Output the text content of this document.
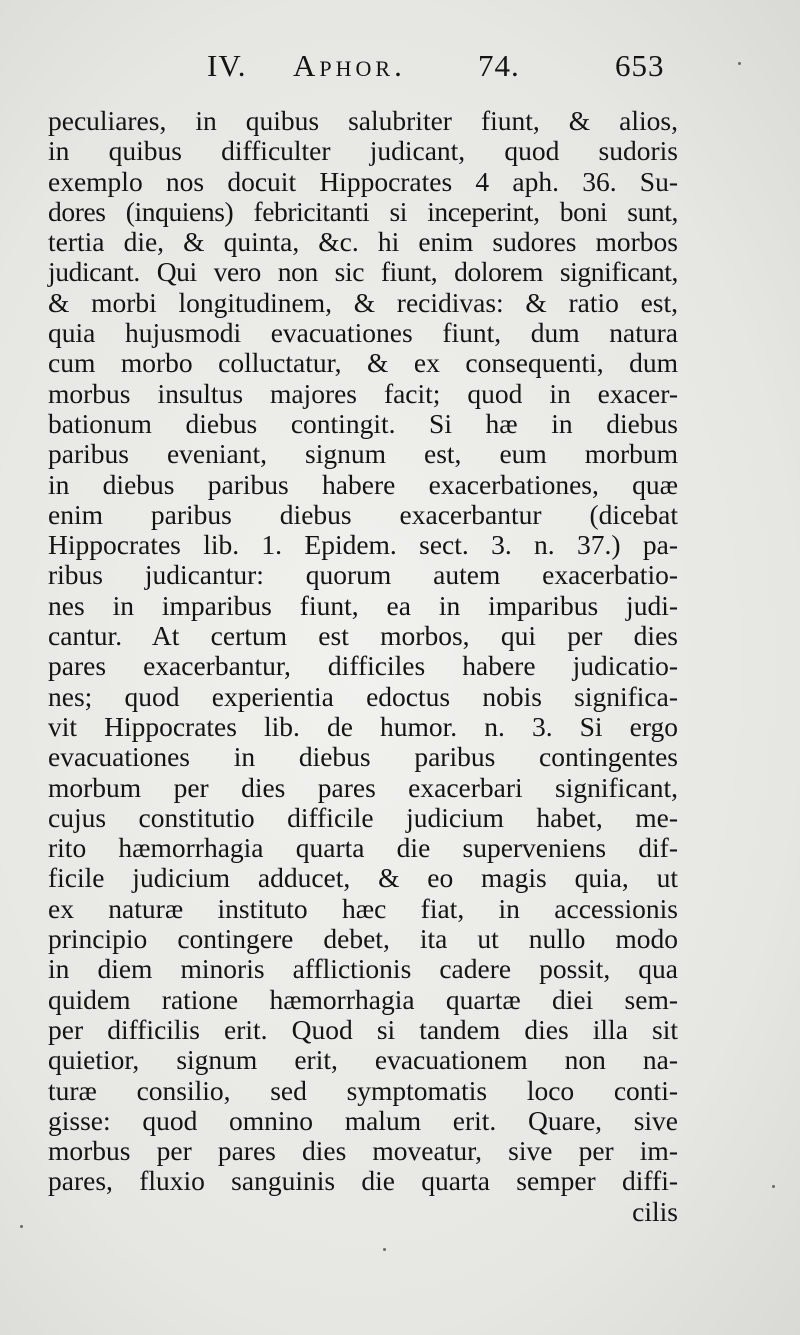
IV. Aphor. 74.	653
peculiares, in quibus salubriter fiunt, & alios,
in quibus difficulter judicant, quod sudoris
exemplo nos docuit Hippocrates 4 aph. 36. Su-
dores (inquiens) febricitanti si inceperint, boni sunt,
tertia die, & quinta, &c. hi enim sudores morbos
judicant. Qui vero non sic fiunt, dolorem significant,
& morbi longitudinem, & recidivas: & ratio est,
quia hujusmodi evacuationes fiunt, dum natura
cum morbo colluctatur, & ex consequenti, dum
morbus insultus majores facit; quod in exacer-
bationum diebus contingit. Si hæ in diebus
paribus eveniant, signum est, eum morbum
in diebus paribus habere exacerbationes, quæ
enim paribus diebus exacerbantur (dicebat
Hippocrates lib. 1. Epidem. sect. 3. n. 37.) pa-
ribus judicantur: quorum autem exacerbatio-
nes in imparibus fiunt, ea in imparibus judi-
cantur. At certum est morbos, qui per dies
pares exacerbantur, difficiles habere judicatio-
nes; quod experientia edoctus nobis significa-
vit Hippocrates lib. de humor. n. 3. Si ergo
evacuationes in diebus paribus contingentes
morbum per dies pares exacerbari significant,
cujus constitutio difficile judicium habet, me-
rito hæmorrhagia quarta die superveniens dif-
ficile judicium adducet, & eo magis quia, ut
ex naturæ instituto hæc fiat, in accessionis
principio contingere debet, ita ut nullo modo
in diem minoris afflictionis cadere possit, qua
quidem ratione hæmorrhagia quartæ diei sem-
per difficilis erit. Quod si tandem dies illa sit
quietior, signum erit, evacuationem non na-
turæ consilio, sed symptomatis loco conti-
gisse: quod omnino malum erit. Quare, sive
morbus per pares dies moveatur, sive per im-
pares, fluxio sanguinis die quarta semper diffi-
cilis
